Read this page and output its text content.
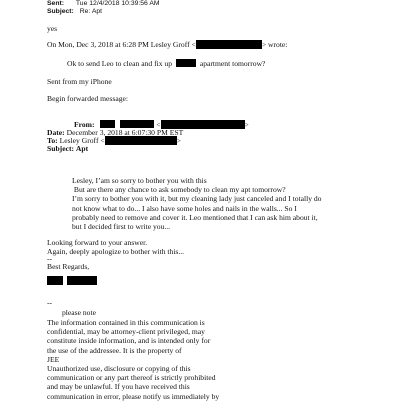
Sent: Tue 12/4/2018 10:39:56 AM
Subject: Re: Apt
yes
On Mon, Dec 3, 2018 at 6:28 PM Lesley Groff <	> wrote:
Ok to send Leo to clean and fix up	apartment tomorrow?
Sent from my iPhone
Begin forwarded message:
From:	<	>
Date: December 3, 2018 at 6:07:30 PM EST
To: Lesley Groff <	>
Subject: Apt
Lesley, I’am so sorry to bother you with this
But are there any chance to ask somebody to clean my apt tomorrow?
I’m sorry to bother you with it, but my cleaning lady just canceled and I totally do
not know what to do... I also have some holes and nails in the walls... So I
probably need to remove and cover it. Leo mentioned that I can ask him about it,
but I decided first to write you...
Looking forward to your answer.
Again, deeply apologize to bother with this...
--
Best Regards,

--
please note
The information contained in this communication is
confidential, may be attorney-client privileged, may
constitute inside information, and is intended only for
the use of the addressee. It is the property of
JEE
Unauthorized use, disclosure or copying of this
communication or any part thereof is strictly prohibited
and may be unlawful. If you have received this
communication in error, please notify us immediately by
